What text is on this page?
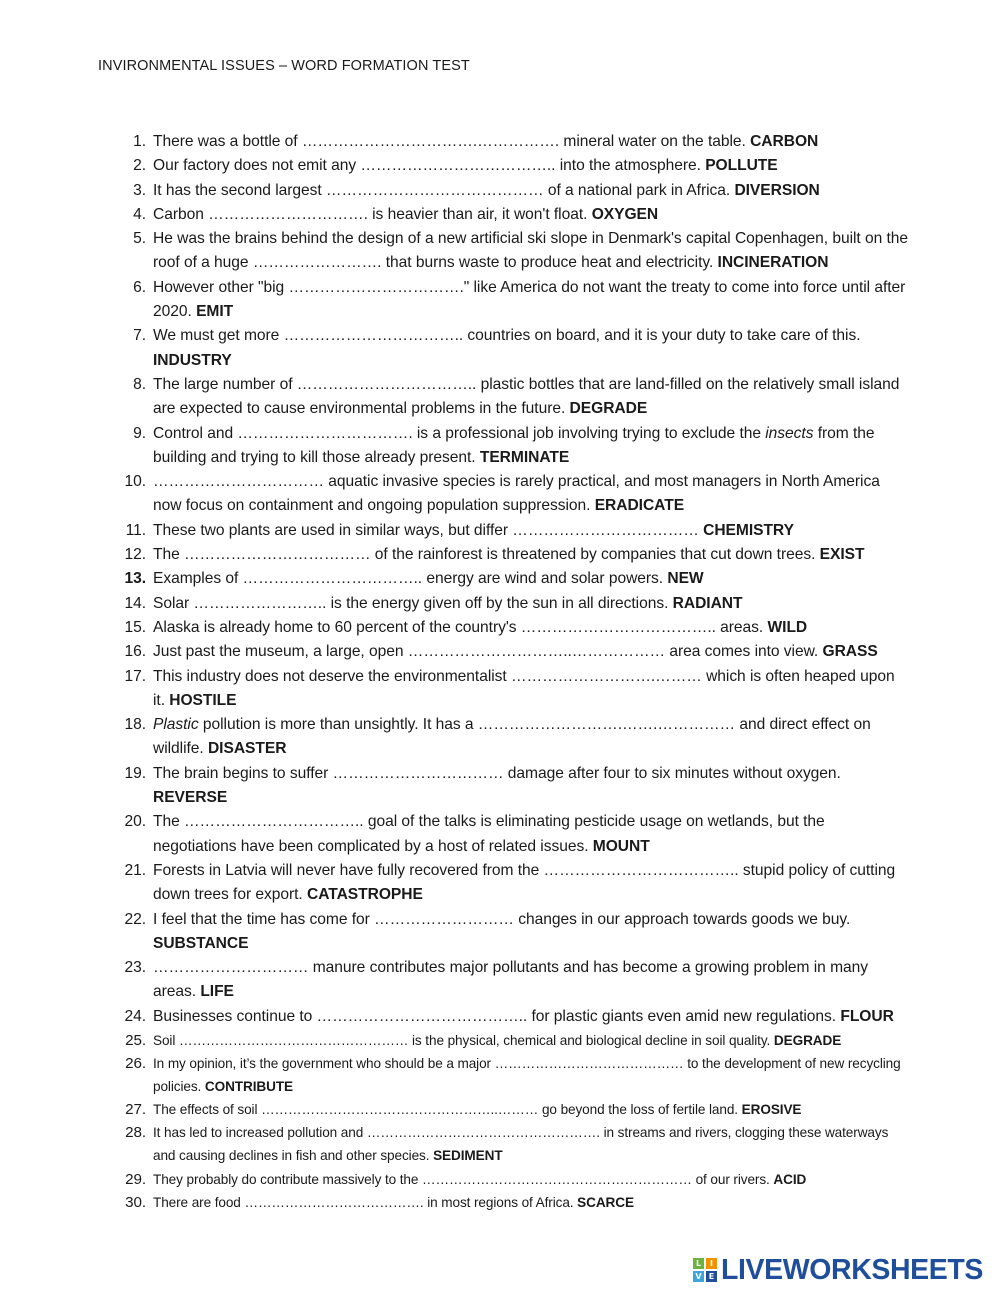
INVIRONMENTAL ISSUES – WORD FORMATION TEST
1. There was a bottle of …………………………….……………. mineral water on the table. CARBON
2. Our factory does not emit any ……………………………….. into the atmosphere. POLLUTE
3. It has the second largest …………………………………… of a national park in Africa. DIVERSION
4. Carbon …………………………. is heavier than air, it won't float. OXYGEN
5. He was the brains behind the design of a new artificial ski slope in Denmark's capital Copenhagen, built on the roof of a huge ……………………. that burns waste to produce heat and electricity. INCINERATION
6. However other "big ……………………………." like America do not want the treaty to come into force until after 2020. EMIT
7. We must get more …………………………….. countries on board, and it is your duty to take care of this. INDUSTRY
8. The large number of …………………………….. plastic bottles that are land-filled on the relatively small island are expected to cause environmental problems in the future. DEGRADE
9. Control and ……………………………. is a professional job involving trying to exclude the insects from the building and trying to kill those already present. TERMINATE
10. …………………………… aquatic invasive species is rarely practical, and most managers in North America now focus on containment and ongoing population suppression. ERADICATE
11. These two plants are used in similar ways, but differ ……………………………… CHEMISTRY
12. The ……………………………… of the rainforest is threatened by companies that cut down trees. EXIST
13. Examples of …………………………….. energy are wind and solar powers. NEW
14. Solar …………………….. is the energy given off by the sun in all directions. RADIANT
15. Alaska is already home to 60 percent of the country's ……………………………….. areas. WILD
16. Just past the museum, a large, open …………………………..……………… area comes into view. GRASS
17. This industry does not deserve the environmentalist ……………………….……… which is often heaped upon it. HOSTILE
18. Plastic pollution is more than unsightly. It has a ……………………….…….…………… and direct effect on wildlife. DISASTER
19. The brain begins to suffer …………………………… damage after four to six minutes without oxygen. REVERSE
20. The …………………………….. goal of the talks is eliminating pesticide usage on wetlands, but the negotiations have been complicated by a host of related issues. MOUNT
21. Forests in Latvia will never have fully recovered from the ……………………………….. stupid policy of cutting down trees for export. CATASTROPHE
22. I feel that the time has come for ……………………… changes in our approach towards goods we buy. SUBSTANCE
23. ………………………… manure contributes major pollutants and has become a growing problem in many areas. LIFE
24. Businesses continue to ………………………………….. for plastic giants even amid new regulations. FLOUR
25. Soil …………………………………………… is the physical, chemical and biological decline in soil quality. DEGRADE
26. In my opinion, it’s the government who should be a major …………………………………… to the development of new recycling policies. CONTRIBUTE
27. The effects of soil ……………………………………………..……… go beyond the loss of fertile land. EROSIVE
28. It has led to increased pollution and ……………………………………………. in streams and rivers, clogging these waterways and causing declines in fish and other species. SEDIMENT
29. They probably do contribute massively to the …………………………………………………… of our rivers. ACID
30. There are food …………………………………. in most regions of Africa. SCARCE
L	I
V E LIVEWORKSHEETS
